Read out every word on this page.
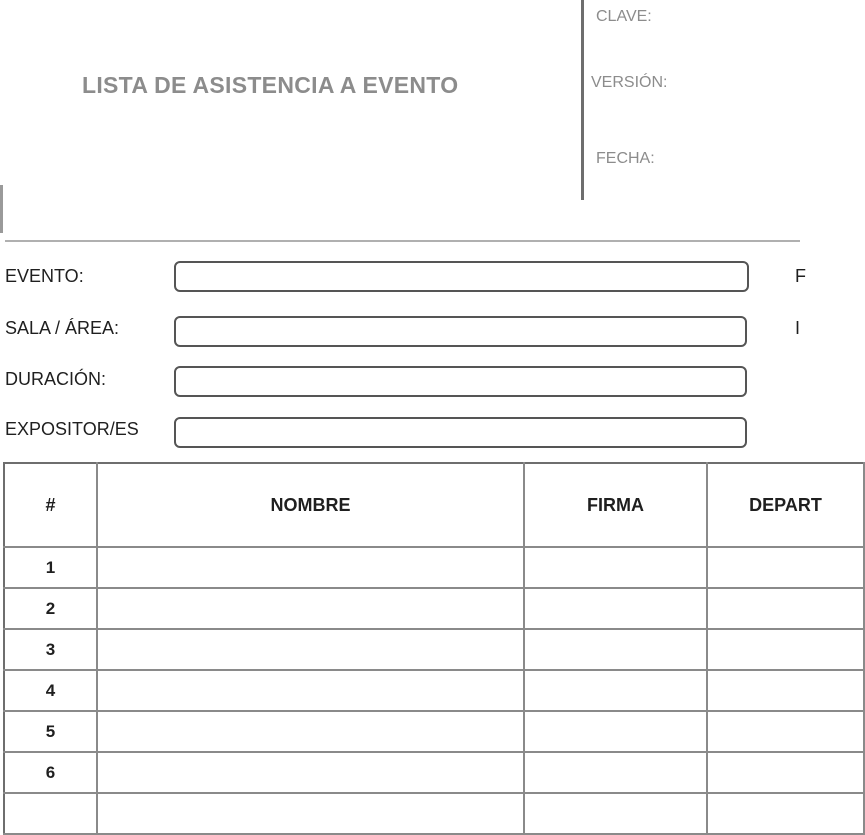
LISTA DE ASISTENCIA A EVENTO
CLAVE:
VERSIÓN:
FECHA:
EVENTO:	F
SALA / ÁREA:	I
DURACIÓN:
EXPOSITOR/ES
#	NOMBRE	FIRMA	DEPART
1			
2			
3			
4			
5			
6			
